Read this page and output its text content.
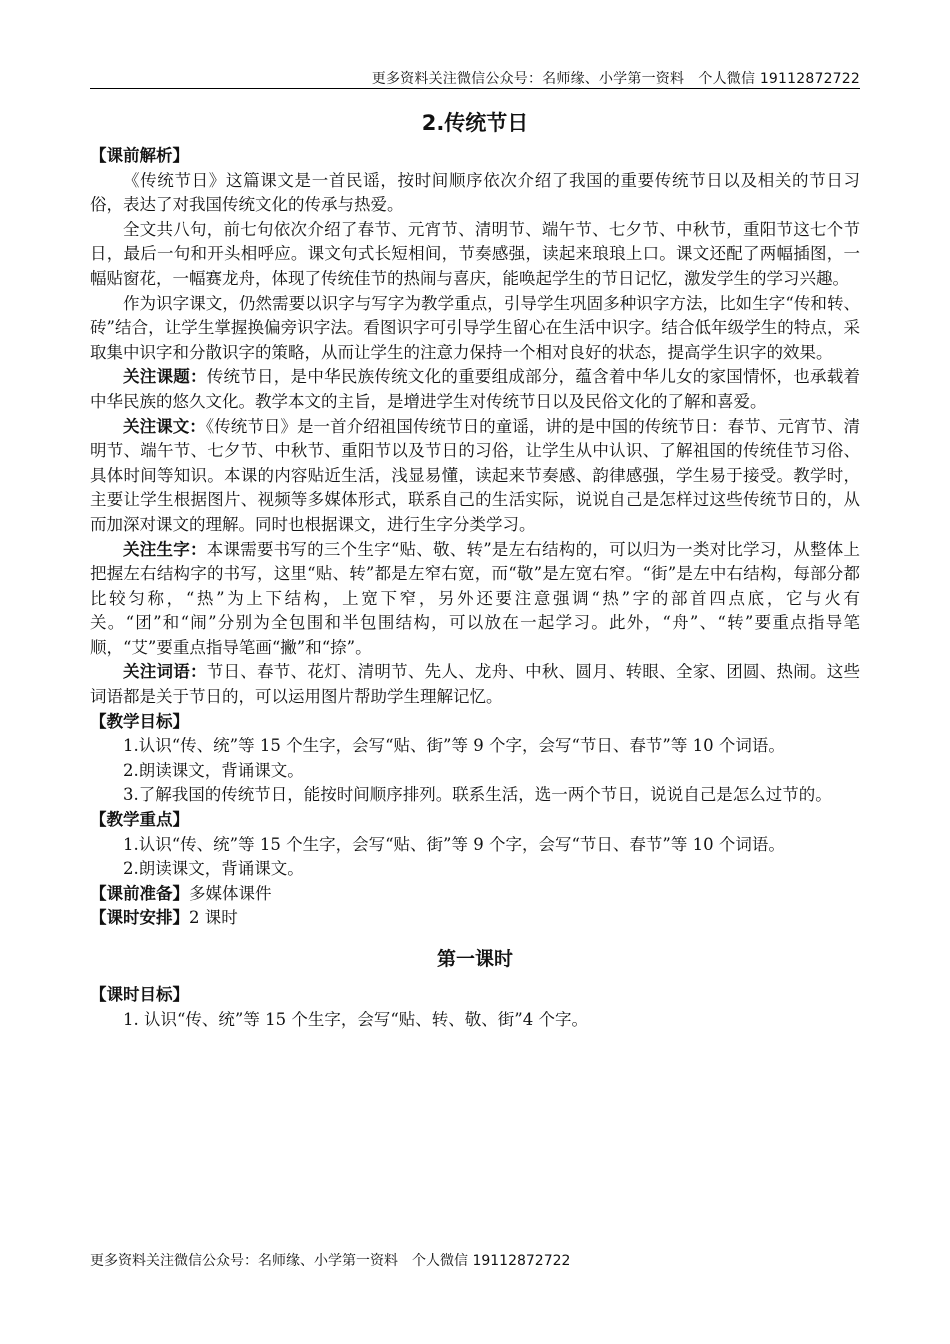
更多资料关注微信公众号：名师缘、小学第一资料　个人微信 19112872722
2.传统节日
【课前解析】

《传统节日》这篇课文是一首民谣，按时间顺序依次介绍了我国的重要传统节日以及相关的节日习俗，表达了对我国传统文化的传承与热爱。

全文共八句，前七句依次介绍了春节、元宵节、清明节、端午节、七夕节、中秋节，重阳节这七个节日，最后一句和开头相呼应。课文句式长短相间，节奏感强，读起来琅琅上口。课文还配了两幅插图，一幅贴窗花，一幅赛龙舟，体现了传统佳节的热闹与喜庆，能唤起学生的节日记忆，激发学生的学习兴趣。

作为识字课文，仍然需要以识字与写字为教学重点，引导学生巩固多种识字方法，比如生字“传和转、砖”结合，让学生掌握换偏旁识字法。看图识字可引导学生留心在生活中识字。结合低年级学生的特点，采取集中识字和分散识字的策略，从而让学生的注意力保持一个相对良好的状态，提高学生识字的效果。

关注课题：传统节日，是中华民族传统文化的重要组成部分，蕴含着中华儿女的家国情怀，也承载着中华民族的悠久文化。教学本文的主旨，是增进学生对传统节日以及民俗文化的了解和喜爱。

关注课文：《传统节日》是一首介绍祖国传统节日的童谣，讲的是中国的传统节日：春节、元宵节、清明节、端午节、七夕节、中秋节、重阳节以及节日的习俗，让学生从中认识、了解祖国的传统佳节习俗、具体时间等知识。本课的内容贴近生活，浅显易懂，读起来节奏感、韵律感强，学生易于接受。教学时，主要让学生根据图片、视频等多媒体形式，联系自己的生活实际，说说自己是怎样过这些传统节日的，从而加深对课文的理解。同时也根据课文，进行生字分类学习。

关注生字：本课需要书写的三个生字“贴、敬、转”是左右结构的，可以归为一类对比学习，从整体上把握左右结构字的书写，这里“贴、转”都是左窄右宽，而“敬”是左宽右窄。“街”是左中右结构，每部分都比较匀称，“热”为上下结构，上宽下窄，另外还要注意强调“热”字的部首四点底，它与火有关。“团”和“闹”分别为全包围和半包围结构，可以放在一起学习。此外，“舟”、“转”要重点指导笔顺，“艾”要重点指导笔画“撇”和“捺”。

关注词语：节日、春节、花灯、清明节、先人、龙舟、中秋、圆月、转眼、全家、团圆、热闹。这些词语都是关于节日的，可以运用图片帮助学生理解记忆。

【教学目标】

1.认识“传、统”等 15 个生字，会写“贴、街”等 9 个字，会写“节日、春节”等 10 个词语。

2.朗读课文，背诵课文。

3.了解我国的传统节日，能按时间顺序排列。联系生活，选一两个节日，说说自己是怎么过节的。

【教学重点】

1.认识“传、统”等 15 个生字，会写“贴、街”等 9 个字，会写“节日、春节”等 10 个词语。

2.朗读课文，背诵课文。

【课前准备】多媒体课件

【课时安排】2 课时

第一课时
【课时目标】

1. 认识“传、统”等 15 个生字，会写“贴、转、敬、街”4 个字。

更多资料关注微信公众号：名师缘、小学第一资料　个人微信 19112872722
